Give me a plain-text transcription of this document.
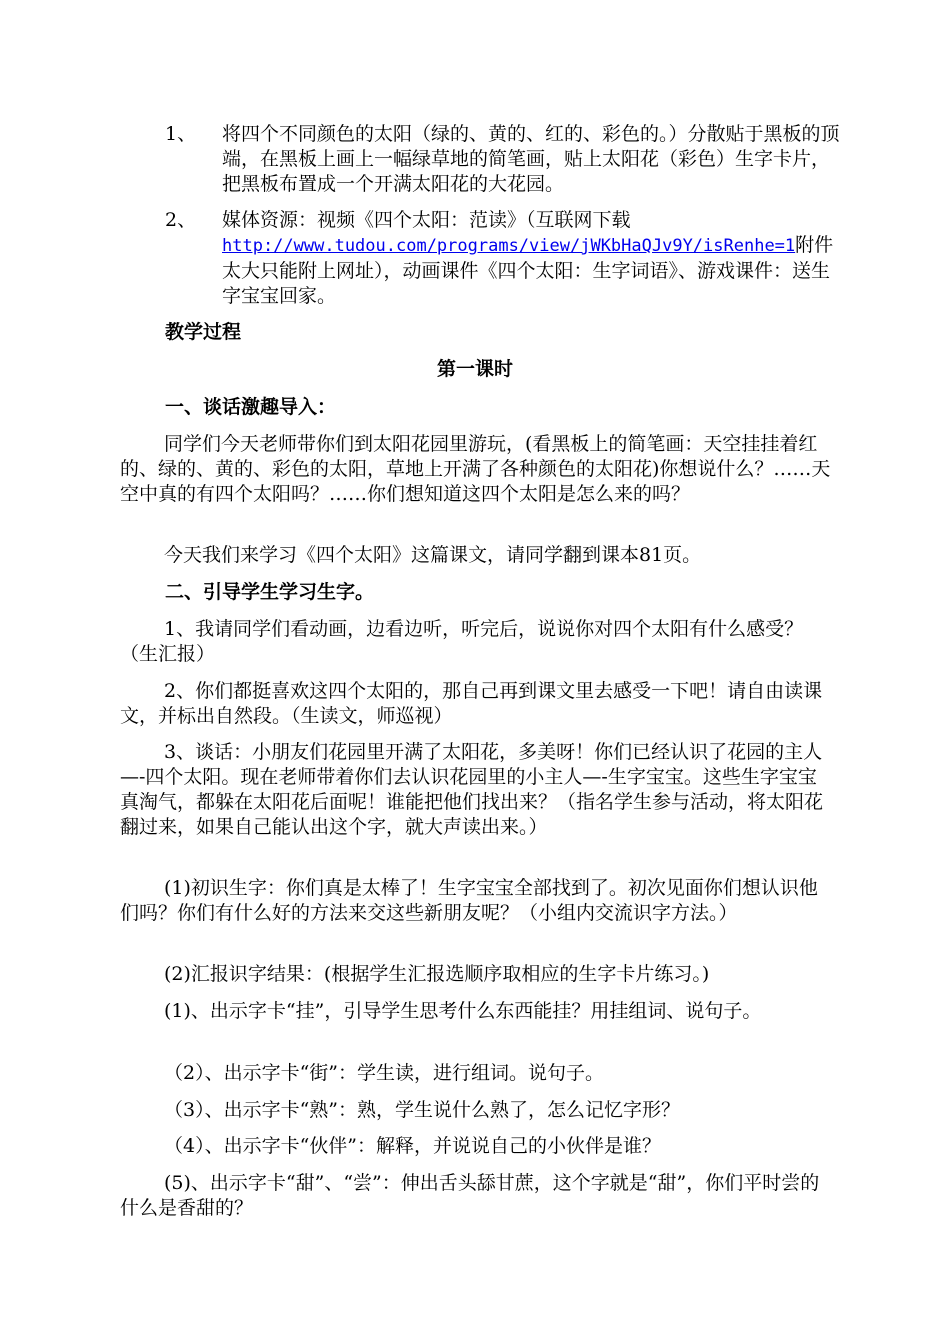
1、 将四个不同颜色的太阳（绿的、黄的、红的、彩色的。）分散贴于黑板的顶端，在黑板上画上一幅绿草地的简笔画，贴上太阳花（彩色）生字卡片，把黑板布置成一个开满太阳花的大花园。
2、 媒体资源：视频《四个太阳：范读》（互联网下载http://www.tudou.com/programs/view/jWKbHaQJv9Y/isRenhe=1附件太大只能附上网址），动画课件《四个太阳：生字词语》、游戏课件：送生字宝宝回家。
教学过程
第一课时
一、谈话激趣导入：
同学们今天老师带你们到太阳花园里游玩，(看黑板上的简笔画：天空挂挂着红的、绿的、黄的、彩色的太阳，草地上开满了各种颜色的太阳花)你想说什么？……天空中真的有四个太阳吗？……你们想知道这四个太阳是怎么来的吗？
今天我们来学习《四个太阳》这篇课文，请同学翻到课本81页。
二、引导学生学习生字。
1、我请同学们看动画，边看边听，听完后，说说你对四个太阳有什么感受？（生汇报）
2、你们都挺喜欢这四个太阳的，那自己再到课文里去感受一下吧！请自由读课文，并标出自然段。（生读文，师巡视）
3、谈话：小朋友们花园里开满了太阳花，多美呀！你们已经认识了花园的主人—-四个太阳。现在老师带着你们去认识花园里的小主人—-生字宝宝。这些生字宝宝真淘气，都躲在太阳花后面呢！谁能把他们找出来？（指名学生参与活动，将太阳花翻过来，如果自己能认出这个字，就大声读出来。）
(1)初识生字：你们真是太棒了！生字宝宝全部找到了。初次见面你们想认识他们吗？你们有什么好的方法来交这些新朋友呢？（小组内交流识字方法。）
(2)汇报识字结果：(根据学生汇报选顺序取相应的生字卡片练习。)
(1)、出示字卡“挂”，引导学生思考什么东西能挂？用挂组词、说句子。
（2）、出示字卡“街”：学生读，进行组词。说句子。
（3）、出示字卡“熟”：熟，学生说什么熟了，怎么记忆字形？
（4）、出示字卡“伙伴”：解释，并说说自己的小伙伴是谁？
(5)、出示字卡“甜”、“尝”：伸出舌头舔甘蔗，这个字就是“甜”，你们平时尝的什么是香甜的？
